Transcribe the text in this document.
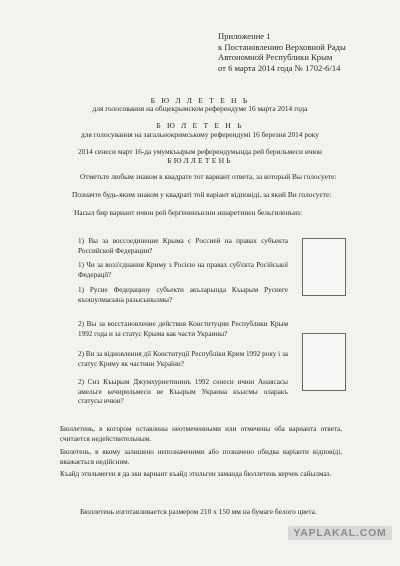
Приложение 1
к Постановлению Верховной Рады
Автономной Республики Крым
от 6 марта 2014 года № 1702-6/14
Б Ю Л Л Е Т Е Н Ь
для голосования на общекрымском референдуме 16 марта 2014 года
Б Ю Л Е Т Е Н Ь
для голосування на загальнокримському референдумі 16 березня 2014 року
2014 сенеси март 16-да умумкъырым референдумында рей берильмеси ичюн
БЮЛЛЕТЕНЬ
Отметьте любым знаком в квадрате тот вариант ответа, за который Вы голосуете:
Позначте будь-яким знаком у квадраті той варіант відповіді, за який Ви голосуєте:
Насыл бир вариант ичюн рей бергенинъизни ишаретинен бельгиленъиз:
1) Вы за воссоединение Крыма с Россией на правах субъекта Российской Федерации?
1) Чи за возз'єднання Криму з Росією на правах суб'єкта Російської Федерації?
1) Русие Федерацноу субъекти акъларында Къырым Русиеге къошулмасына разысынызмы?
2) Вы за восстановление действия Конституции Республики Крым 1992 года и за статус Крыма как части Украины?
2) Ви за відновлення дії Конституції Республіки Крим 1992 року і за статус Криму як частини України?
2) Сиз Къырым Джумхуриетининъ 1992 сенеси ичюн Анаясасы амельге кечирильмеси ве Къырым Украина къысмы оларакъ статусы ичюн?
Бюллетень, в котором оставлены неотмеченными или отмечены оба варианта ответа, считается недействительным.
Бюлетень, в якому залишено непозначеними або позначено обидва варіанти відповіді, вважається недійсним.
Къайд этильмеген я да эки вариант къайд этильген заманда бюллетень керчек сайылмаз.
Бюллетень изготавливается размером 210 х 150 мм на бумаге белого цвета.
YAPLAKAL.COM
